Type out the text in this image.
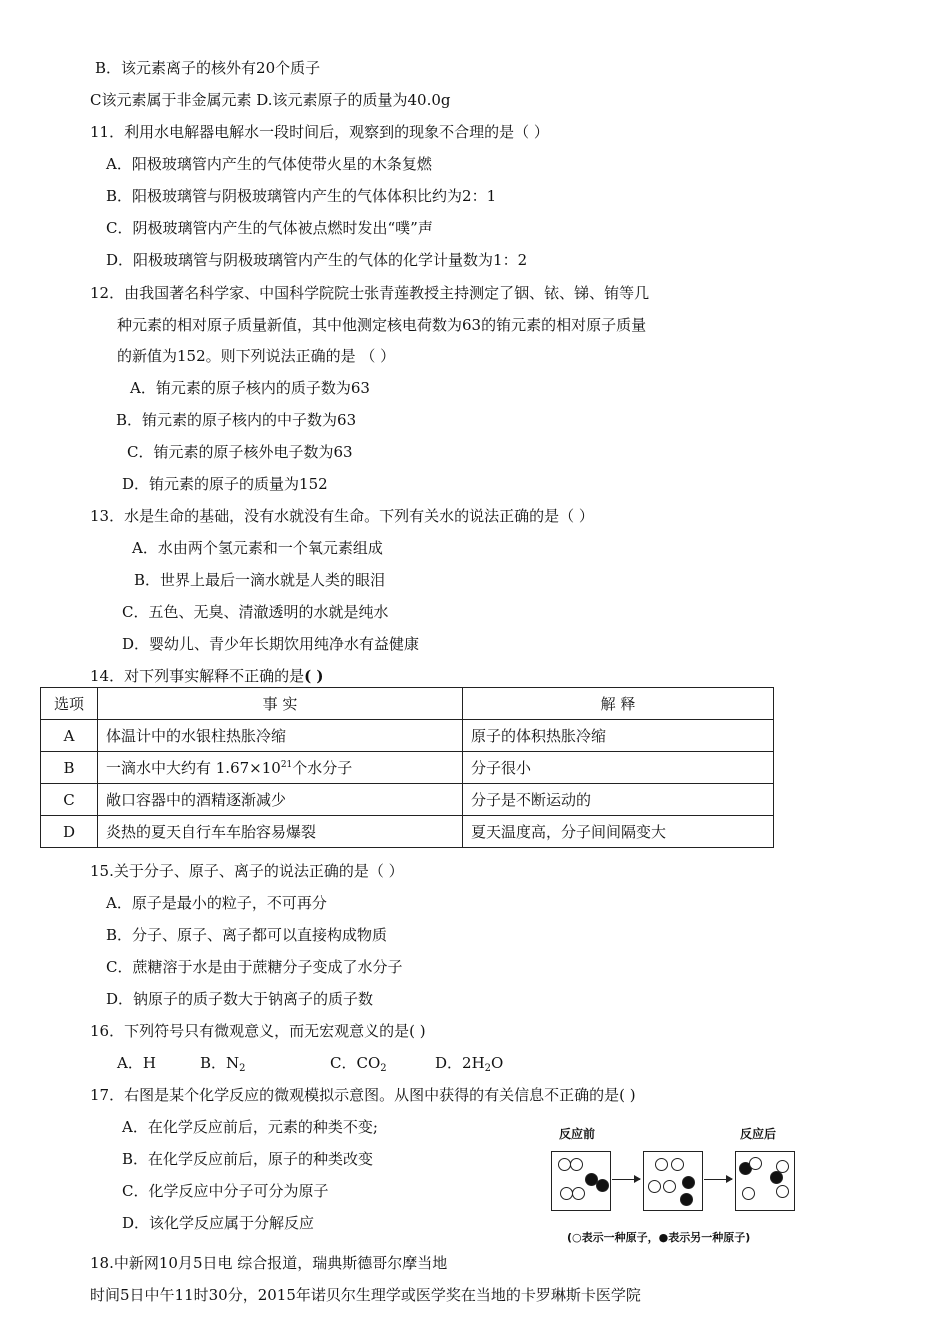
B．该元素离子的核外有20个质子
C该元素属于非金属元素 D.该元素原子的质量为40.0g
11．利用水电解器电解水一段时间后，观察到的现象不合理的是（ ）
A．阳极玻璃管内产生的气体使带火星的木条复燃
B．阳极玻璃管与阴极玻璃管内产生的气体体积比约为2：1
C．阴极玻璃管内产生的气体被点燃时发出“噗”声
D．阳极玻璃管与阴极玻璃管内产生的气体的化学计量数为1：2
12．由我国著名科学家、中国科学院院士张青莲教授主持测定了铟、铱、锑、铕等几
种元素的相对原子质量新值，其中他测定核电荷数为63的铕元素的相对原子质量
的新值为152。则下列说法正确的是 （ ）
A．铕元素的原子核内的质子数为63
B．铕元素的原子核内的中子数为63
C．铕元素的原子核外电子数为63
D．铕元素的原子的质量为152
13．水是生命的基础，没有水就没有生命。下列有关水的说法正确的是（ ）
A．水由两个氢元素和一个氧元素组成
B．世界上最后一滴水就是人类的眼泪
C．五色、无臭、清澈透明的水就是纯水
D．婴幼儿、青少年长期饮用纯净水有益健康
14．对下列事实解释不正确的是( )
选项	事 实	解 释
A	体温计中的水银柱热胀冷缩	原子的体积热胀冷缩
B	一滴水中大约有 $1.67\times 10^{21}$个水分子	分子很小
C	敞口容器中的酒精逐渐减少	分子是不断运动的
D	炎热的夏天自行车车胎容易爆裂	夏天温度高，分子间间隔变大
15.关于分子、原子、离子的说法正确的是（ ）
A．原子是最小的粒子，不可再分
B．分子、原子、离子都可以直接构成物质
C．蔗糖溶于水是由于蔗糖分子变成了水分子
D．钠原子的质子数大于钠离子的质子数
16．下列符号只有微观意义，而无宏观意义的是( )
A．H	B．$N_2$	C．$CO_2$	D．$2H_2O$
17．右图是某个化学反应的微观模拟示意图。从图中获得的有关信息不正确的是( )
A．在化学反应前后，元素的种类不变;
B．在化学反应前后，原子的种类改变
C．化学反应中分子可分为原子
D．该化学反应属于分解反应
反应前	反应后
(○表示一种原子，●表示另一种原子)
18.中新网10月5日电 综合报道，瑞典斯德哥尔摩当地
时间5日中午11时30分，2015年诺贝尔生理学或医学奖在当地的卡罗琳斯卡医学院
